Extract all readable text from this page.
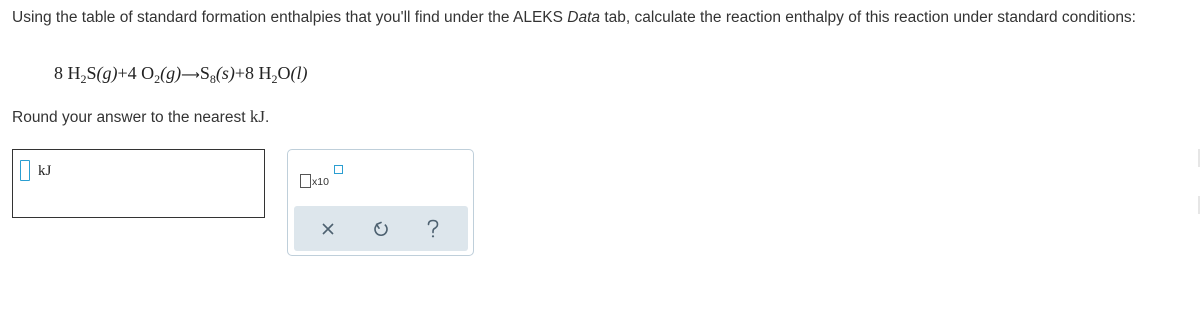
Using the table of standard formation enthalpies that you'll find under the ALEKS Data tab, calculate the reaction enthalpy of this reaction under standard conditions:
8 $H_2S(g)+4$ $O_2(g)⟶S_8(s)+8$ $H_2O(l)$
Round your answer to the nearest kJ.
kJ
x10
